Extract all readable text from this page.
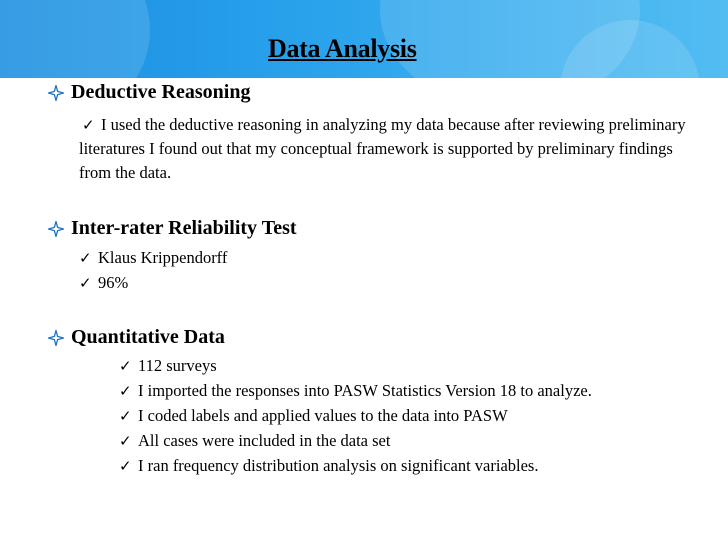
Data Analysis
Deductive Reasoning
✓ I used the deductive reasoning in analyzing my data because after reviewing preliminary literatures I found out that my conceptual framework is supported by preliminary findings from the data.
Inter-rater Reliability Test
✓ Klaus Krippendorff
✓ 96%
Quantitative Data
✓ 112 surveys
✓ I imported the responses into PASW Statistics Version 18 to analyze.
✓ I coded labels and applied values to the data into PASW
✓ All cases were included in the data set
✓ I ran frequency distribution analysis on significant variables.
